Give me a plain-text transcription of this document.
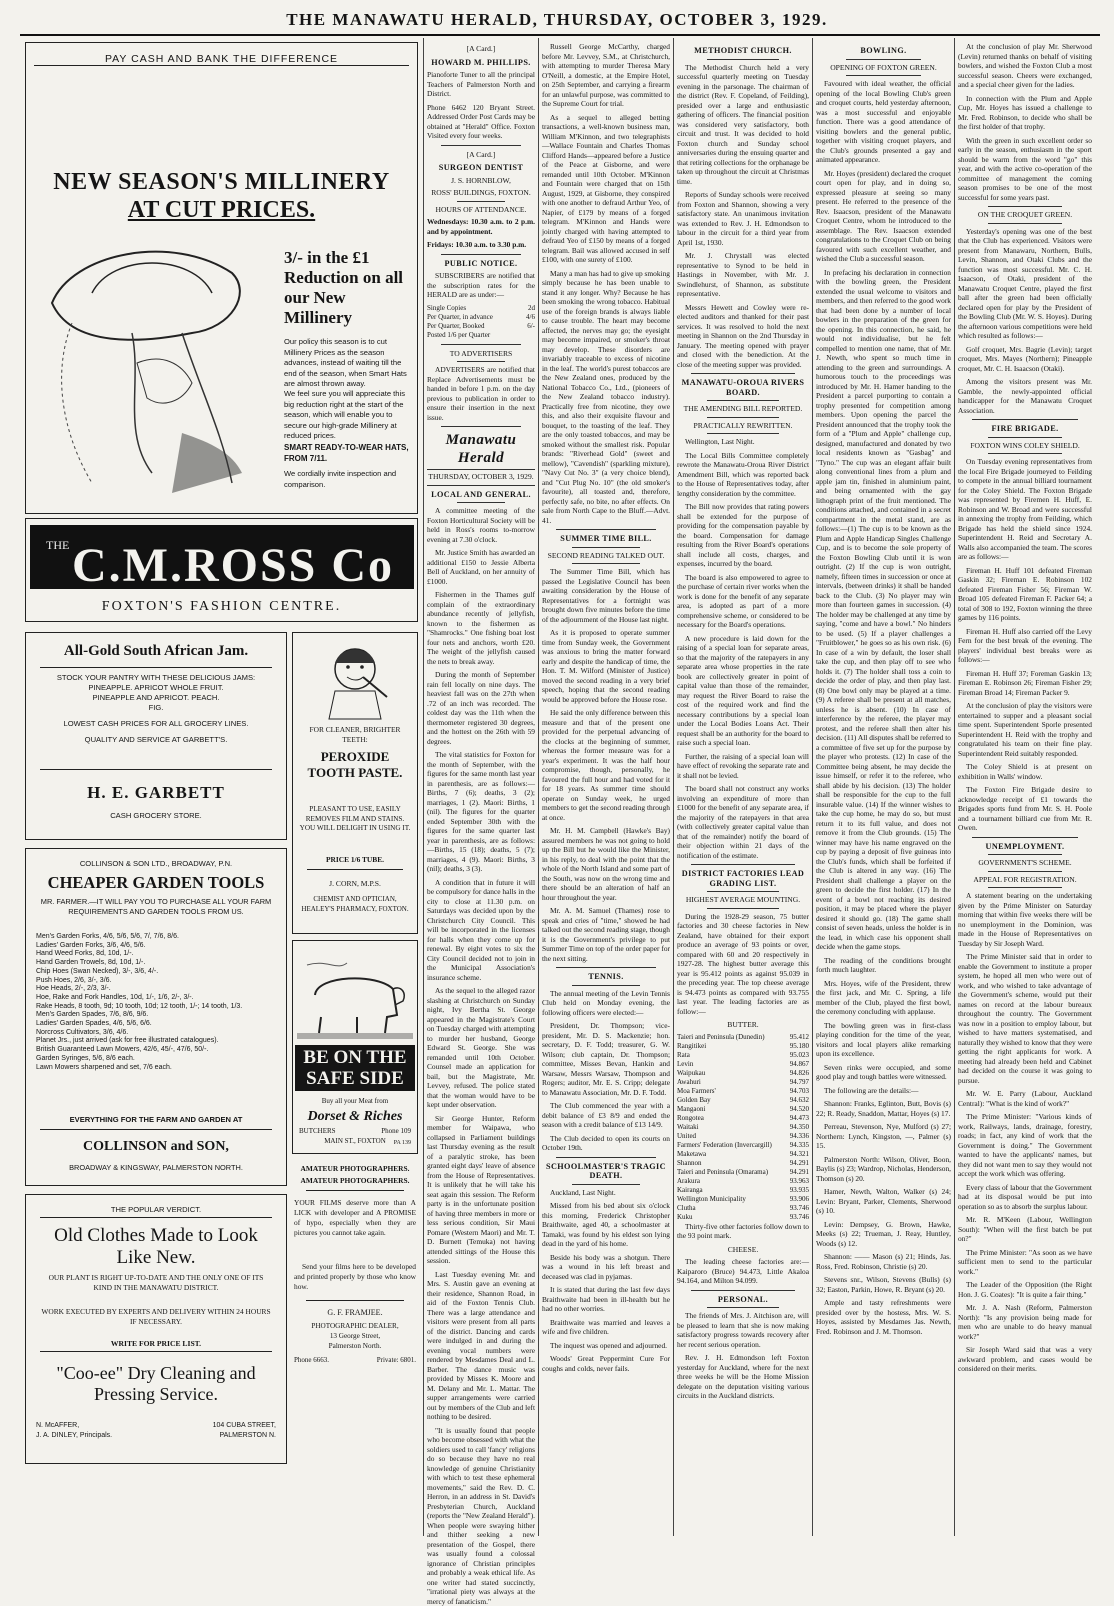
THE MANAWATU HERALD, THURSDAY, OCTOBER 3, 1929.
PAY CASH AND BANK THE DIFFERENCE
NEW SEASON'S MILLINERY
AT CUT PRICES.
3/- in the £1 Reduction on all our New Millinery
Our policy this season is to cut Millinery Prices as the season advances, instead of waiting till the end of the season, when Smart Hats are almost thrown away.
We feel sure you will appreciate this big reduction right at the start of the season, which will enable you to secure our high-grade Millinery at reduced prices.
SMART READY-TO-WEAR HATS, FROM 7/11.
We cordially invite inspection and comparison.
THE C.M.ROSS Co
FOXTON'S FASHION CENTRE.
All-Gold South African Jam.
STOCK YOUR PANTRY WITH THESE DELICIOUS JAMS:
PINEAPPLE. APRICOT WHOLE FRUIT.
PINEAPPLE AND APRICOT. PEACH.
FIG.
LOWEST CASH PRICES FOR ALL GROCERY LINES.
QUALITY AND SERVICE AT GARBETT'S.
H. E. GARBETT
CASH GROCERY STORE.
COLLINSON & SON LTD., BROADWAY, P.N.
CHEAPER GARDEN TOOLS
MR. FARMER.—IT WILL PAY YOU TO PURCHASE ALL YOUR FARM REQUIREMENTS AND GARDEN TOOLS FROM US.
Men's Garden Forks, 4/6, 5/6, 5/6, 7/, 7/6, 8/6.
Ladies' Garden Forks, 3/6, 4/6, 5/6.
Hand Weed Forks, 8d, 10d, 1/-.
Hand Garden Trowels, 8d, 10d, 1/-.
Chip Hoes (Swan Necked), 3/-, 3/6, 4/-.
Push Hoes, 2/6, 3/-, 3/6.
Hoe Heads, 2/-, 2/3, 3/-.
Hoe, Rake and Fork Handles, 10d, 1/-, 1/6, 2/-, 3/-.
Rake Heads, 8 tooth, 9d; 10 tooth, 10d; 12 tooth, 1/-; 14 tooth, 1/3.
Men's Garden Spades, 7/6, 8/6, 9/6.
Ladies' Garden Spades, 4/6, 5/6, 6/6.
Norcross Cultivators, 3/6, 4/6.
Planet Jrs., just arrived (ask for free illustrated catalogues).
British Guaranteed Lawn Mowers, 42/6, 45/-, 47/6, 50/-.
Garden Syringes, 5/6, 8/6 each.
Lawn Mowers sharpened and set, 7/6 each.
EVERYTHING FOR THE FARM AND GARDEN AT
COLLINSON and SON,
BROADWAY & KINGSWAY, PALMERSTON NORTH.
THE POPULAR VERDICT.
Old Clothes Made to Look Like New.
OUR PLANT IS RIGHT UP-TO-DATE AND THE ONLY ONE OF ITS KIND IN THE MANAWATU DISTRICT.
WORK EXECUTED BY EXPERTS AND DELIVERY WITHIN 24 HOURS IF NECESSARY.
WRITE FOR PRICE LIST.
"Coo-ee" Dry Cleaning and Pressing Service.
N. McAFFER,
J. A. DINLEY, Principals.
104 CUBA STREET,
PALMERSTON N.
FOR CLEANER, BRIGHTER TEETH:
PEROXIDE TOOTH PASTE.
PLEASANT TO USE, EASILY REMOVES FILM AND STAINS. YOU WILL DELIGHT IN USING IT.
PRICE 1/6 TUBE.
J. CORN, M.P.S.
CHEMIST AND OPTICIAN, HEALEY'S PHARMACY, FOXTON.
BE ON THE SAFE SIDE
Buy all your Meat from
Dorset & Riches
BUTCHERS	Phone 109
MAIN ST., FOXTON	PA 139
AMATEUR PHOTOGRAPHERS.
AMATEUR PHOTOGRAPHERS.
YOUR FILMS deserve more than A LICK with developer and A PROMISE of hypo, especially when they are pictures you cannot take again.
Send your films here to be developed and printed properly by those who know how.
G. F. FRAMJEE.
PHOTOGRAPHIC DEALER,
13 George Street,
Palmerston North.
Phone 6663.	Private: 6801.
[A Card.]
HOWARD M. PHILLIPS.

Pianoforte Tuner to all the principal Teachers of Palmerston North and District.

Phone 6462 120 Bryant Street. Addressed Order Post Cards may be obtained at "Herald" Office. Foxton Visited every four weeks.

[A Card.]
SURGEON DENTIST
J. S. HORNBLOW,
ROSS' BUILDINGS, FOXTON.
HOURS OF ATTENDANCE.

Wednesdays: 10.30 a.m. to 2 p.m. and by appointment.

Fridays: 10.30 a.m. to 3.30 p.m.

PUBLIC NOTICE.

SUBSCRIBERS are notified that the subscription rates for the HERALD are as under:—

Single Copies	2d
Per Quarter, in advance	4/6
Per Quarter, Booked	6/-
Posted 1/6 per Quarter
TO ADVERTISERS

ADVERTISERS are notified that Replace Advertisements must be handed in before 1 p.m. on the day previous to publication in order to ensure their insertion in the next issue.

Manawatu Herald
THURSDAY, OCTOBER 3, 1929.
LOCAL AND GENERAL.

A committee meeting of the Foxton Horticultural Society will be held in Ross's rooms to-morrow evening at 7.30 o'clock.

Mr. Justice Smith has awarded an additional £150 to Jessie Alberta Bell of Auckland, on her annuity of £1000.

Fishermen in the Thames gulf complain of the extraordinary abundance recently of jellyfish, known to the fishermen as "Shamrocks." One fishing boat lost four nets and anchors, worth £20. The weight of the jellyfish caused the nets to break away.

During the month of September rain fell locally on nine days. The heaviest fall was on the 27th when .72 of an inch was recorded. The coldest day was the 11th when the thermometer registered 30 degrees, and the hottest on the 26th with 59 degrees.

The vital statistics for Foxton for the month of September, with the figures for the same month last year in parenthesis, are as follows:—Births, 7 (6); deaths, 3 (2); marriages, 1 (2). Maori: Births, 1 (nil). The figures for the quarter ended September 30th with the figures for the same quarter last year in parenthesis, are as follows:—Births, 15 (18); deaths, 5 (7); marriages, 4 (9). Maori: Births, 3 (nil); deaths, 3 (3).

A condition that in future it will be compulsory for dance halls in the city to close at 11.30 p.m. on Saturdays was decided upon by the Christchurch City Council. This will be incorporated in the licenses for halls when they come up for renewal. By eight votes to six the City Council decided not to join in the Municipal Association's insurance scheme.

As the sequel to the alleged razor slashing at Christchurch on Sunday night, Ivy Bertha St. George appeared in the Magistrate's Court on Tuesday charged with attempting to murder her husband, George Edward St. George. She was remanded until 10th October. Counsel made an application for bail, but the Magistrate, Mr. Levvey, refused. The police stated that the woman would have to be kept under observation.

Sir George Hunter, Reform member for Waipawa, who collapsed in Parliament buildings last Thursday evening as the result of a paralytic stroke, has been granted eight days' leave of absence from the House of Representatives. It is unlikely that he will take his seat again this session. The Reform party is in the unfortunate position of having three members in more or less serious condition, Sir Maui Pomare (Western Maori) and Mr. T. D. Burnett (Temuka) not having attended sittings of the House this session.

Last Tuesday evening Mr. and Mrs. S. Austin gave an evening at their residence, Shannon Road, in aid of the Foxton Tennis Club. There was a large attendance and visitors were present from all parts of the district. Dancing and cards were indulged in and during the evening vocal numbers were rendered by Mesdames Deal and L. Barber. The dance music was provided by Misses K. Moore and M. Delany and Mr. L. Mattar. The supper arrangements were carried out by members of the Club and left nothing to be desired.

"It is usually found that people who become obsessed with what the soldiers used to call 'fancy' religions do so because they have no real knowledge of genuine Christianity with which to test these ephemeral movements," said the Rev. D. C. Herron, in an address in St. David's Presbyterian Church, Auckland (reports the "New Zealand Herald"). When people were swaying hither and thither seeking a new presentation of the Gospel, there was usually found a colossal ignorance of Christian principles and probably a weak ethical life. As one writer had stated succinctly, "irrational piety was always at the mercy of fanaticism."

Russell George McCarthy, charged before Mr. Levvey, S.M., at Christchurch, with attempting to murder Theresa Mary O'Neill, a domestic, at the Empire Hotel, on 25th September, and carrying a firearm for an unlawful purpose, was committed to the Supreme Court for trial.

As a sequel to alleged betting transactions, a well-known business man, William M'Kinnon, and two telegraphists—Wallace Fountain and Charles Thomas Clifford Hands—appeared before a Justice of the Peace at Gisborne, and were remanded until 10th October. M'Kinnon and Fountain were charged that on 15th August, 1929, at Gisborne, they conspired with one another to defraud Arthur Yeo, of Napier, of £179 by means of a forged telegram. M'Kinnon and Hands were jointly charged with having attempted to defraud Yeo of £150 by means of a forged telegram. Bail was allowed accused in self £100, with one surety of £100.

Many a man has had to give up smoking simply because he has been unable to stand it any longer. Why? Because he has been smoking the wrong tobacco. Habitual use of the foreign brands is always liable to cause trouble. The heart may become affected, the nerves may go; the eyesight may become impaired, or smoker's throat may develop. These disorders are invariably traceable to excess of nicotine in the leaf. The world's purest tobaccos are the New Zealand ones, produced by the National Tobacco Co., Ltd., (pioneers of the New Zealand tobacco industry). Practically free from nicotine, they owe this, and also their exquisite flavour and bouquet, to the toasting of the leaf. They are the only toasted tobaccos, and may be smoked without the smallest risk. Popular brands: "Riverhead Gold" (sweet and mellow), "Cavendish" (sparkling mixture), "Navy Cut No. 3" (a very choice blend), and "Cut Plug No. 10" (the old smoker's favourite), all toasted and, therefore, perfectly safe, no bite, no after effects. On sale from North Cape to the Bluff.—Advt. 41.

SUMMER TIME BILL.
SECOND READING TALKED OUT.

The Summer Time Bill, which has passed the Legislative Council has been awaiting consideration by the House of Representatives for a fortnight was brought down five minutes before the time of the adjournment of the House last night.

As it is proposed to operate summer time from Sunday week, the Government was anxious to bring the matter forward early and despite the handicap of time, the Hon. T. M. Wilford (Minister of Justice) moved the second reading in a very brief speech, hoping that the second reading would be approved before the House rose.

He said the only difference between this measure and that of the present one provided for the perpetual advancing of the clocks at the beginning of summer, whereas the former measure was for a year's experiment. It was the half hour compromise, though, personally, he favoured the full hour and had voted for it for 18 years. As summer time should operate on Sunday week, he urged members to get the second reading through at once.

Mr. H. M. Campbell (Hawke's Bay) assured members he was not going to hold up the Bill but he would like the Minister, in his reply, to deal with the point that the whole of the North Island and some part of the South, was now on the wrong time and there should be an alteration of half an hour throughout the year.

Mr. A. M. Samuel (Thames) rose to speak and cries of "time," showed he had talked out the second reading stage, though it is the Government's privilege to put Summer Time on top of the order paper for the next sitting.

TENNIS.

The annual meeting of the Levin Tennis Club held on Monday evening, the following officers were elected:—

President, Dr. Thompson; vice-president, Mr. D. S. Mackenzie; hon. secretary, D. F. Todd; treasurer, G. W. Wilson; club captain, Dr. Thompson; committee, Misses Bevan, Hankin and Warsaw, Messrs Warsaw, Thompson and Rogers; auditor, Mr. E. S. Cripp; delegate to Manawatu Association, Mr. D. F. Todd.

The Club commenced the year with a debit balance of £3 8/9 and ended the season with a credit balance of £13 14/9.

The Club decided to open its courts on October 19th.

SCHOOLMASTER'S TRAGIC DEATH.

Auckland, Last Night.

Missed from his bed about six o'clock this morning, Frederick Christopher Braithwaite, aged 40, a schoolmaster at Tamaki, was found by his eldest son lying dead in the yard of his home.

Beside his body was a shotgun. There was a wound in his left breast and deceased was clad in pyjamas.

It is stated that during the last few days Braithwaite had been in ill-health but he had no other worries.

Braithwaite was married and leaves a wife and five children.

The inquest was opened and adjourned.

Woods' Great Peppermint Cure For coughs and colds, never fails.

METHODIST CHURCH.

The Methodist Church held a very successful quarterly meeting on Tuesday evening in the parsonage. The chairman of the district (Rev. F. Copeland, of Feilding), presided over a large and enthusiastic gathering of officers. The financial position was considered very satisfactory, both circuit and trust. It was decided to hold Foxton church and Sunday school anniversaries during the ensuing quarter and that retiring collections for the orphanage be taken up throughout the circuit at Christmas time.

Reports of Sunday schools were received from Foxton and Shannon, showing a very satisfactory state. An unanimous invitation was extended to Rev. J. H. Edmondson to labour in the circuit for a third year from April 1st, 1930.

Mr. J. Chrystall was elected representative to Synod to be held in Hastings in November, with Mr. J. Swindlehurst, of Shannon, as substitute representative.

Messrs Hewett and Cowley were re-elected auditors and thanked for their past services. It was resolved to hold the next meeting in Shannon on the 2nd Thursday in January. The meeting opened with prayer and closed with the benediction. At the close of the meeting supper was provided.

MANAWATU-OROUA RIVERS BOARD.
THE AMENDING BILL REPORTED.
PRACTICALLY REWRITTEN.

Wellington, Last Night.

The Local Bills Committee completely rewrote the Manawatu-Oroua River District Amendment Bill, which was reported back to the House of Representatives today, after lengthy consideration by the committee.

The Bill now provides that rating powers shall be extended for the purpose of providing for the compensation payable by the board. Compensation for damage resulting from the River Board's operations shall include all costs, charges, and expenses, incurred by the board.

The board is also empowered to agree to the purchase of certain river works when the work is done for the benefit of any separate area, is adopted as part of a more comprehensive scheme, or considered to be necessary for the Board's operations.

A new procedure is laid down for the raising of a special loan for separate areas, so that the majority of the ratepayers in any separate area whose properties in the rate book are collectively greater in point of capital value than those of the remainder, may request the River Board to raise the cost of the required work and find the necessary contributions by a special loan under the Local Bodies Loans Act. Their request shall be an authority for the board to raise such a special loan.

Further, the raising of a special loan will have effect of revoking the separate rate and it shall not be levied.

The board shall not construct any works involving an expenditure of more than £1000 for the benefit of any separate area, if the majority of the ratepayers in that area (with collectively greater capital value than that of the remainder) notify the board of their objection within 21 days of the notification of the estimate.

DISTRICT FACTORIES LEAD GRADING LIST.
HIGHEST AVERAGE MOUNTING.

During the 1928-29 season, 75 butter factories and 30 cheese factories in New Zealand, have obtained for their export produce an average of 93 points or over, compared with 60 and 20 respectively in 1927-28. The highest butter average this year is 95.412 points as against 95.039 in the preceding year. The top cheese average is 94.473 points as compared with 93.755 last year. The leading factories are as follow:—

BUTTER.
Taieri and Peninsula (Dunedin)	95.412
Rangitikei	95.180
Rata	95.023
Levin	94.867
Waipukau	94.826
Awahuri	94.797
Moa Farmers'	94.703
Golden Bay	94.632
Mangaoni	94.520
Rongotea	94.473
Waitaki	94.350
United	94.336
Farmers' Federation (Invercargill)	94.335
Maketawa	94.321
Shannon	94.291
Taieri and Peninsula (Omarama)	94.291
Arakura	93.963
Kairanga	93.935
Wellington Municipality	93.906
Clutha	93.746
Kuku	93.746

Thirty-five other factories follow down to the 93 point mark.

CHEESE.

The leading cheese factories are:—Kaiparoro (Bruce) 94.473, Little Akaloa 94.164, and Milton 94.099.

PERSONAL.

The friends of Mrs. J. Aitchison are, will be pleased to learn that she is now making satisfactory progress towards recovery after her recent serious operation.

Rev. J. H. Edmondson left Foxton yesterday for Auckland, where for the next three weeks he will be the Home Mission delegate on the deputation visiting various circuits in the Auckland districts.

BOWLING.
OPENING OF FOXTON GREEN.

Favoured with ideal weather, the official opening of the local Bowling Club's green and croquet courts, held yesterday afternoon, was a most successful and enjoyable function. There was a good attendance of visiting bowlers and the general public, together with visiting croquet players, and the Club's grounds presented a gay and animated appearance.

Mr. Hoyes (president) declared the croquet court open for play, and in doing so, expressed pleasure at seeing so many present. He referred to the presence of the Rev. Isaacson, president of the Manawatu Croquet Centre, whom he introduced to the assemblage. The Rev. Isaacson extended congratulations to the Croquet Club on being favoured with such excellent weather, and wished the Club a successful season.

In prefacing his declaration in connection with the bowling green, the President extended the usual welcome to visitors and members, and then referred to the good work that had been done by a number of local bowlers in the preparation of the green for the opening. In this connection, he said, he would not individualise, but he felt compelled to mention one name, that of Mr. J. Newth, who spent so much time in attending to the green and surroundings. A humorous touch to the proceedings was introduced by Mr. H. Hamer handing to the President a parcel purporting to contain a trophy presented for competition among members. Upon opening the parcel the President announced that the trophy took the form of a "Plum and Apple" challenge cup, designed, manufactured and donated by two local residents known as "Gasbag" and "Tyno." The cup was an elegant affair built along conventional lines from a plum and apple jam tin, finished in aluminium paint, and being ornamented with the gay lithograph print of the fruit mentioned. The conditions attached, and contained in a secret compartment in the metal stand, are as follows:—(1) The cup is to be known as the Plum and Apple Handicap Singles Challenge Cup, and is to become the sole property of the Foxton Bowling Club until it is won outright. (2) If the cup is won outright, namely, fifteen times in succession or once at intervals, (between drinks) it shall be handed back to the Club. (3) No player may win more than fourteen games in succession. (4) The holder may be challenged at any time by saying, "come and have a bowl." No hinders to be used. (5) If a player challenges a "Fruitblower," he goes so as his own risk. (6) In case of a win by default, the loser shall take the cup, and then play off to see who holds it. (7) The holder shall toss a coin to decide the order of play, and then play last. (8) One bowl only may be played at a time. (9) A referee shall be present at all matches, unless he is absent. (10) In case of interference by the referee, the player may protest, and the referee shall then alter his decision. (11) All disputes shall be referred to a committee of five set up for the purpose by the player who protests. (12) In case of the Committee being absent, he may decide the issue himself, or refer it to the referee, who shall abide by his decision. (13) The holder shall be responsible for the cup to the full insurable value. (14) If the winner wishes to take the cup home, he may do so, but must return it to its full value, and does not remove it from the Club grounds. (15) The winner may have his name engraved on the cup by paying a deposit of five guineas into the Club's funds, which shall be forfeited if the Club is altered in any way. (16) The President shall challenge a player on the green to decide the first holder. (17) In the event of a bowl not reaching its desired position, it may be placed where the player desired it should go. (18) The game shall consist of seven heads, unless the holder is in the lead, in which case his opponent shall decide when the game stops.

The reading of the conditions brought forth much laughter.

Mrs. Hoyes, wife of the President, threw the first jack, and Mr. C. Spring, a life member of the Club, played the first bowl, the ceremony concluding with applause.

The bowling green was in first-class playing condition for the time of the year, visitors and local players alike remarking upon its excellence.

Seven rinks were occupied, and some good play and tough battles were witnessed.

The following are the details:—

Shannon: Franks, Eglinton, Butt, Bovis (s) 22; R. Ready, Snaddon, Mattar, Hoyes (s) 17.

Perreau, Stevenson, Nye, Mulford (s) 27; Northern: Lynch, Kingston, —, Palmer (s) 15.

Palmerston North: Wilson, Oliver, Boon, Baylis (s) 23; Wardrop, Nicholas, Henderson, Thomson (s) 20.

Hamer, Newth, Walton, Walker (s) 24; Levin: Bryant, Parker, Clements, Sherwood (s) 10.

Levin: Dempsey, G. Brown, Hawke, Meeks (s) 22; Trueman, J. Reay, Huntley, Woods (s) 12.

Shannon: —— Mason (s) 21; Hinds, Jas. Ross, Fred. Robinson, Christie (s) 20.

Stevens snr., Wilson, Stevens (Bulls) (s) 32; Easton, Parkin, Howe, R. Bryant (s) 20.

Ample and tasty refreshments were presided over by the hostess, Mrs. W. S. Hoyes, assisted by Mesdames Jas. Newth, Fred. Robinson and J. M. Thomson.

At the conclusion of play Mr. Sherwood (Levin) returned thanks on behalf of visiting bowlers, and wished the Foxton Club a most successful season. Cheers were exchanged, and a special cheer given for the ladies.

In connection with the Plum and Apple Cup, Mr. Hoyes has issued a challenge to Mr. Fred. Robinson, to decide who shall be the first holder of that trophy.

With the green in such excellent order so early in the season, enthusiasm in the sport should be warm from the word "go" this year, and with the active co-operation of the committee of management the coming season promises to be one of the most successful for some years past.

ON THE CROQUET GREEN.

Yesterday's opening was one of the best that the Club has experienced. Visitors were present from Manawaru, Northern, Bulls, Levin, Shannon, and Otaki Clubs and the function was most successful. Mr. C. H. Isaacson, of Otaki, president of the Manawatu Croquet Centre, played the first ball after the green had been officially declared open for play by the President of the Bowling Club (Mr. W. S. Hoyes). During the afternoon various competitions were held which resulted as follows:—

Golf croquet, Mrs. Bagrie (Levin); target croquet, Mrs. Mayes (Northern); Pineapple croquet, Mr. C. H. Isaacson (Otaki).

Among the visitors present was Mr. Gamble, the newly-appointed official handicapper for the Manawatu Croquet Association.

FIRE BRIGADE.
FOXTON WINS COLEY SHIELD.

On Tuesday evening representatives from the local Fire Brigade journeyed to Feilding to compete in the annual billiard tournament for the Coley Shield. The Foxton Brigade was represented by Firemen H. Huff, E. Robinson and W. Broad and were successful in annexing the trophy from Feilding, which Brigade has held the shield since 1924. Superintendent H. Reid and Secretary A. Walls also accompanied the team. The scores are as follows:—

Fireman H. Huff 101 defeated Fireman Gaskin 32; Fireman E. Robinson 102 defeated Fireman Fisher 56; Fireman W. Broad 105 defeated Fireman F. Packer 64; a total of 308 to 192, Foxton winning the three games by 116 points.

Fireman H. Huff also carried off the Levy Fern for the best break of the evening. The players' individual best breaks were as follows:—

Fireman H. Huff 37; Foreman Gaskin 13; Fireman E. Robinson 26; Fireman Fisher 29; Fireman Broad 14; Fireman Packer 9.

At the conclusion of play the visitors were entertained to supper and a pleasant social time spent. Superintendent Sporle presented Superintendent H. Reid with the trophy and congratulated his team on their fine play. Superintendent Reid suitably responded.

The Coley Shield is at present on exhibition in Walls' window.

The Foxton Fire Brigade desire to acknowledge receipt of £1 towards the Brigades sports fund from Mr. S. H. Poole and a tournament billiard cue from Mr. R. Owen.

UNEMPLOYMENT.
GOVERNMENT'S SCHEME.
APPEAL FOR REGISTRATION.

A statement bearing on the undertaking given by the Prime Minister on Saturday morning that within five weeks there will be no unemployment in the Dominion, was made in the House of Representatives on Tuesday by Sir Joseph Ward.

The Prime Minister said that in order to enable the Government to institute a proper system, he hoped all men who were out of work, and who wished to take advantage of the Government's scheme, would put their names on record at the labour bureaux throughout the country. The Government was now in a position to employ labour, but wished to have matters systematised, and naturally they wished to know that they were getting the right applicants for work. A meeting had already been held and Cabinet had decided on the course it was going to pursue.

Mr. W. E. Parry (Labour, Auckland Central): "What is the kind of work?"

The Prime Minister: "Various kinds of work, Railways, lands, drainage, forestry, roads; in fact, any kind of work that the Government is doing." The Government wanted to have the applicants' names, but they did not want men to say they would not accept the work which was offering.

Every class of labour that the Government had at its disposal would be put into operation so as to absorb the surplus labour.

Mr. R. M'Keen (Labour, Wellington South): "When will the first batch be put on?"

The Prime Minister: "As soon as we have sufficient men to send to the particular work."

The Leader of the Opposition (the Right Hon. J. G. Coates): "It is quite a fair thing."

Mr. J. A. Nash (Reform, Palmerston North): "Is any provision being made for men who are unable to do heavy manual work?"

Sir Joseph Ward said that was a very awkward problem, and cases would be considered on their merits.
